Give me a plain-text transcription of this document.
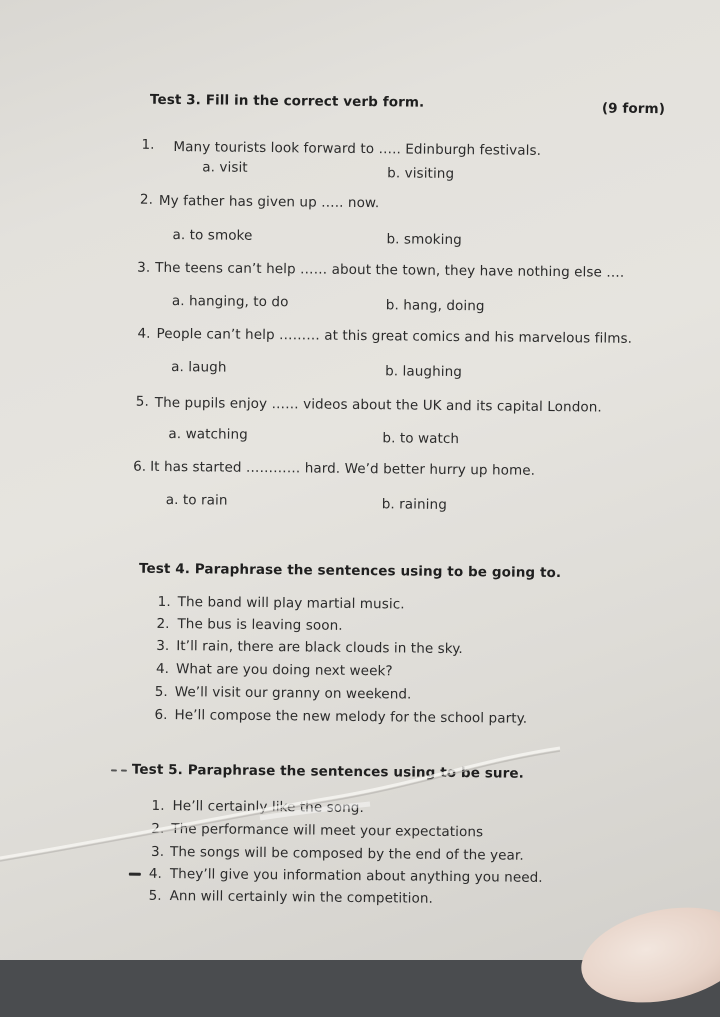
Test 3. Fill in the correct verb form.	(9 form)
1. Many tourists look forward to ….. Edinburgh festivals.
a. visit	b. visiting
2. My father has given up ….. now.
a. to smoke	b. smoking
3. The teens can’t help …… about the town, they have nothing else ….
a. hanging, to do	b. hang, doing
4. People can’t help ……… at this great comics and his marvelous films.
a. laugh	b. laughing
5. The pupils enjoy …… videos about the UK and its capital London.
a. watching	b. to watch
6. It has started ………… hard. We’d better hurry up home.
a. to rain	b. raining
Test 4. Paraphrase the sentences using to be going to.
1. The band will play martial music.
2. The bus is leaving soon.
3. It’ll rain, there are black clouds in the sky.
4. What are you doing next week?
5. We’ll visit our granny on weekend.
6. He’ll compose the new melody for the school party.
Test 5. Paraphrase the sentences using to be sure.
1. He’ll certainly like the song.
2. The performance will meet your expectations
3. The songs will be composed by the end of the year.
4. They’ll give you information about anything you need.
5. Ann will certainly win the competition.
